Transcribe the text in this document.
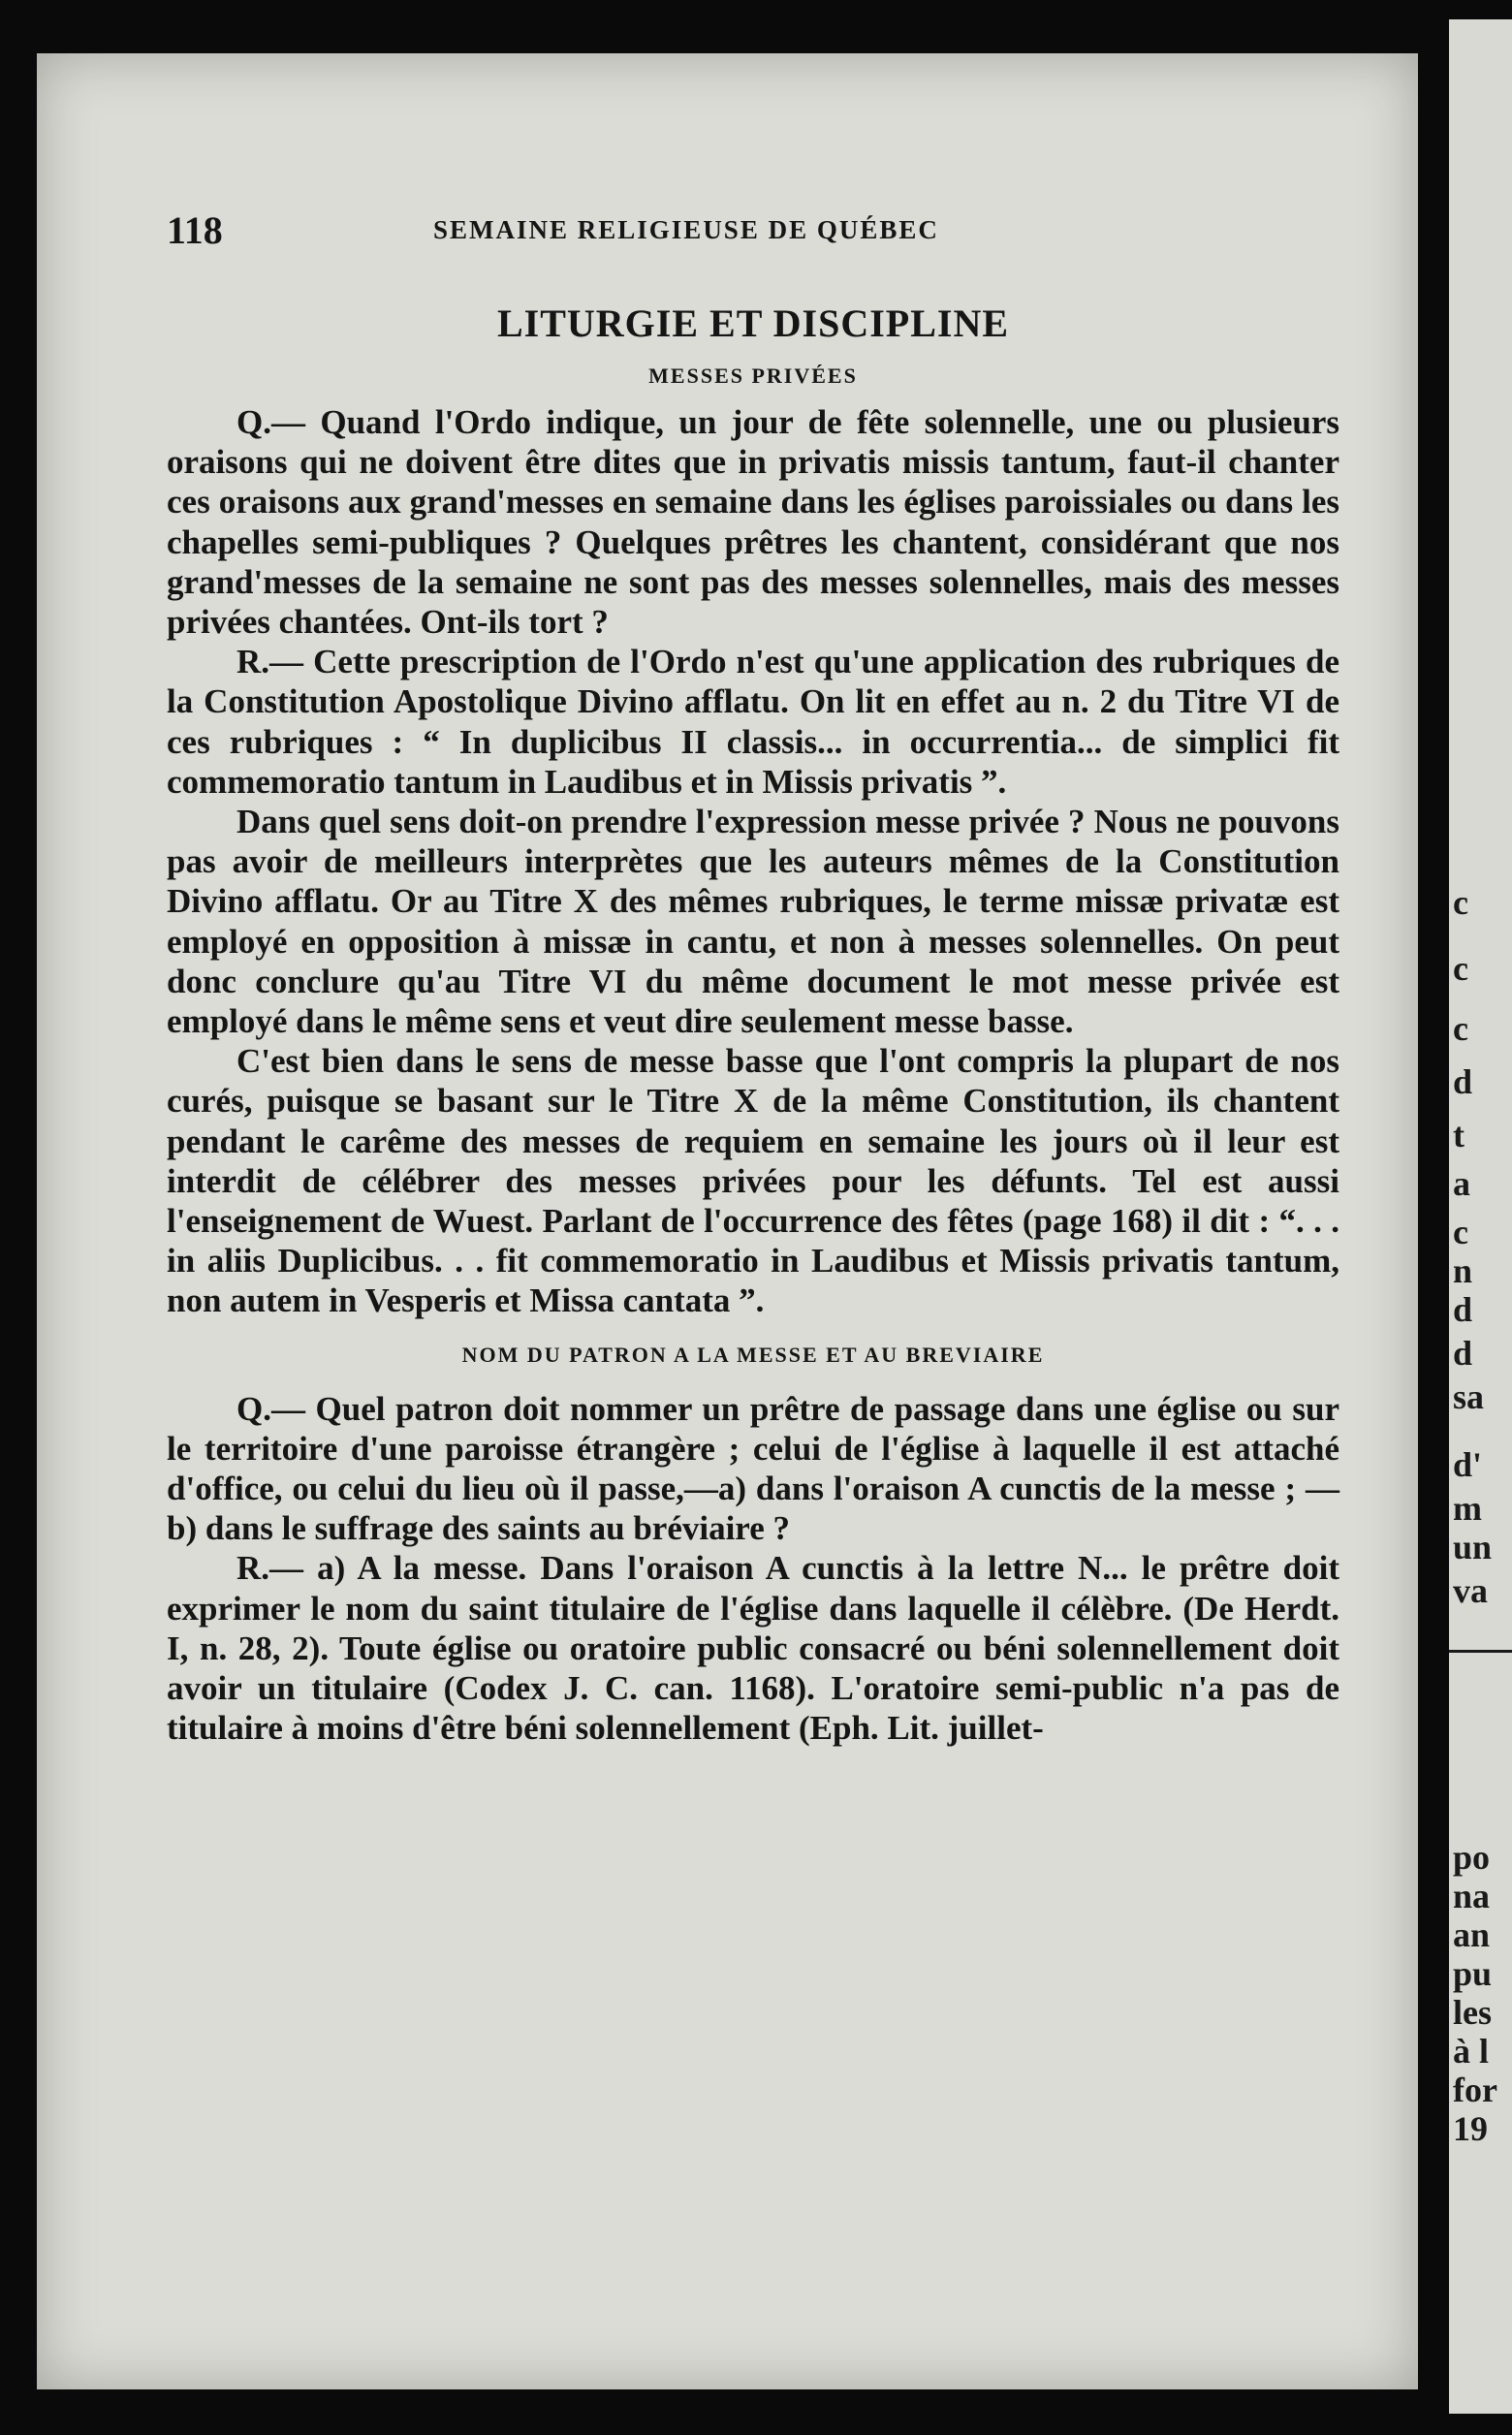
c
c
c
d
t
a
c
n
d
d
sa
d'
m
un
va
po
na
an
pu
les
à l
for
19
118	SEMAINE RELIGIEUSE DE QUÉBEC
LITURGIE ET DISCIPLINE
MESSES PRIVÉES

Q.— Quand l'Ordo indique, un jour de fête solennelle, une ou plusieurs oraisons qui ne doivent être dites que in privatis missis tantum, faut-il chanter ces oraisons aux grand'messes en semaine dans les églises paroissiales ou dans les chapelles semi-publiques ? Quelques prêtres les chantent, considérant que nos grand'messes de la semaine ne sont pas des messes solennelles, mais des messes privées chantées. Ont-ils tort ?

R.— Cette prescription de l'Ordo n'est qu'une application des rubriques de la Constitution Apostolique Divino afflatu. On lit en effet au n. 2 du Titre VI de ces rubriques : “ In duplicibus II classis... in occurrentia... de simplici fit commemoratio tantum in Laudibus et in Missis privatis ”.

Dans quel sens doit-on prendre l'expression messe privée ? Nous ne pouvons pas avoir de meilleurs interprètes que les auteurs mêmes de la Constitution Divino afflatu. Or au Titre X des mêmes rubriques, le terme missæ privatæ est employé en opposition à missæ in cantu, et non à messes solennelles. On peut donc conclure qu'au Titre VI du même document le mot messe privée est employé dans le même sens et veut dire seulement messe basse.

C'est bien dans le sens de messe basse que l'ont compris la plupart de nos curés, puisque se basant sur le Titre X de la même Constitution, ils chantent pendant le carême des messes de requiem en semaine les jours où il leur est interdit de célébrer des messes privées pour les défunts. Tel est aussi l'enseignement de Wuest. Parlant de l'occurrence des fêtes (page 168) il dit : “. . . in aliis Duplicibus. . . fit commemoratio in Laudibus et Missis privatis tantum, non autem in Vesperis et Missa cantata ”.

NOM DU PATRON A LA MESSE ET AU BREVIAIRE

Q.— Quel patron doit nommer un prêtre de passage dans une église ou sur le territoire d'une paroisse étrangère ; celui de l'église à laquelle il est attaché d'office, ou celui du lieu où il passe,—a) dans l'oraison A cunctis de la messe ; — b) dans le suffrage des saints au bréviaire ?

R.— a) A la messe. Dans l'oraison A cunctis à la lettre N... le prêtre doit exprimer le nom du saint titulaire de l'église dans laquelle il célèbre. (De Herdt. I, n. 28, 2). Toute église ou oratoire public consacré ou béni solennellement doit avoir un titulaire (Codex J. C. can. 1168). L'oratoire semi-public n'a pas de titulaire à moins d'être béni solennellement (Eph. Lit. juillet-
